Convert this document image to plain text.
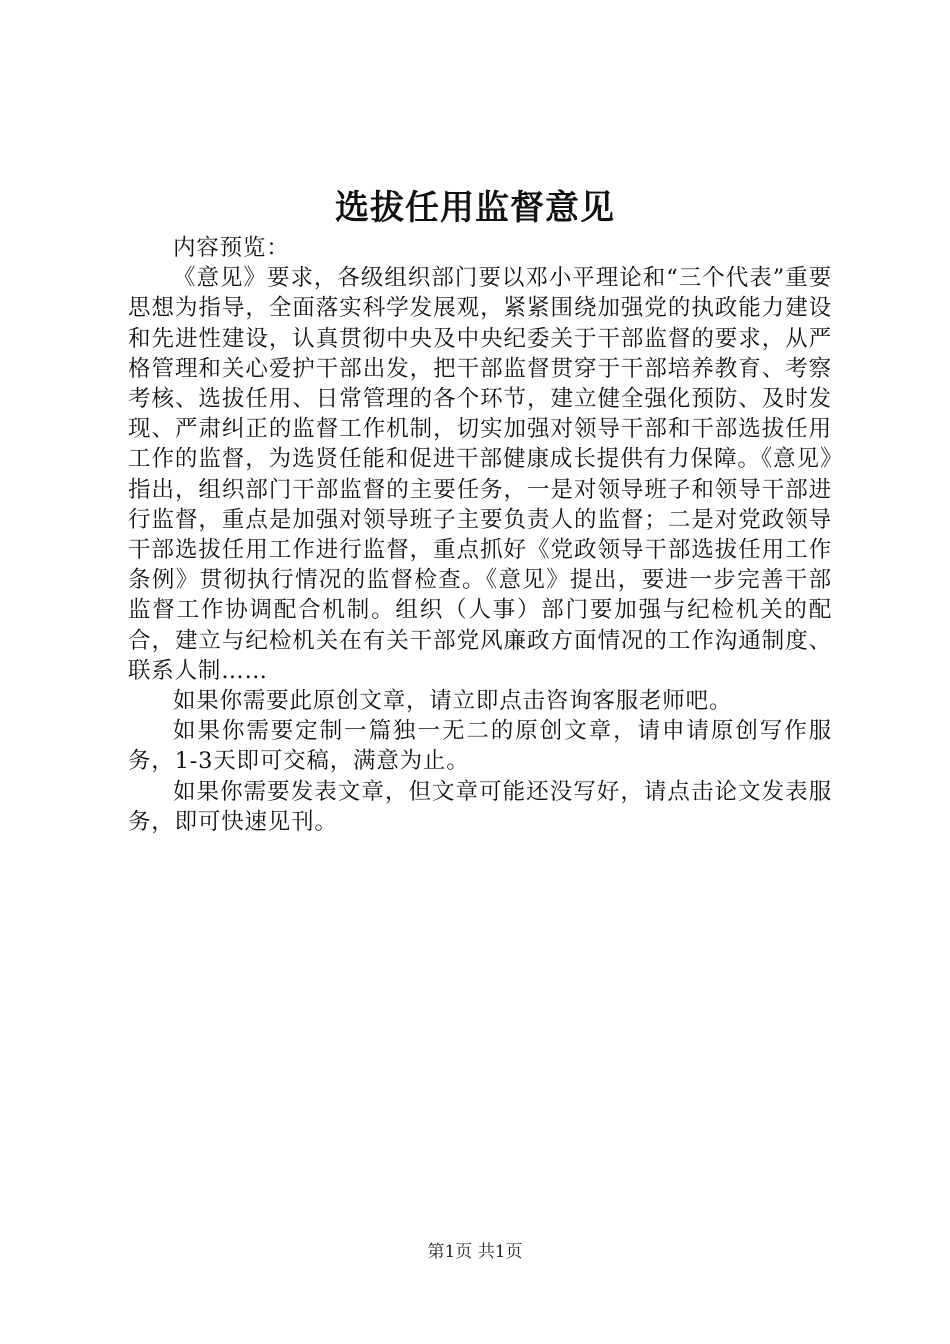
选拔任用监督意见

内容预览：

《意见》要求，各级组织部门要以邓小平理论和“三个代表”重要思想为指导，全面落实科学发展观，紧紧围绕加强党的执政能力建设和先进性建设，认真贯彻中央及中央纪委关于干部监督的要求，从严格管理和关心爱护干部出发，把干部监督贯穿于干部培养教育、考察考核、选拔任用、日常管理的各个环节，建立健全强化预防、及时发现、严肃纠正的监督工作机制，切实加强对领导干部和干部选拔任用工作的监督，为选贤任能和促进干部健康成长提供有力保障。《意见》指出，组织部门干部监督的主要任务，一是对领导班子和领导干部进行监督，重点是加强对领导班子主要负责人的监督；二是对党政领导干部选拔任用工作进行监督，重点抓好《党政领导干部选拔任用工作条例》贯彻执行情况的监督检查。《意见》提出，要进一步完善干部监督工作协调配合机制。组织（人事）部门要加强与纪检机关的配合，建立与纪检机关在有关干部党风廉政方面情况的工作沟通制度、联系人制……

如果你需要此原创文章，请立即点击咨询客服老师吧。

如果你需要定制一篇独一无二的原创文章，请申请原创写作服务，1-3天即可交稿，满意为止。

如果你需要发表文章，但文章可能还没写好，请点击论文发表服务，即可快速见刊。

第1页 共1页
